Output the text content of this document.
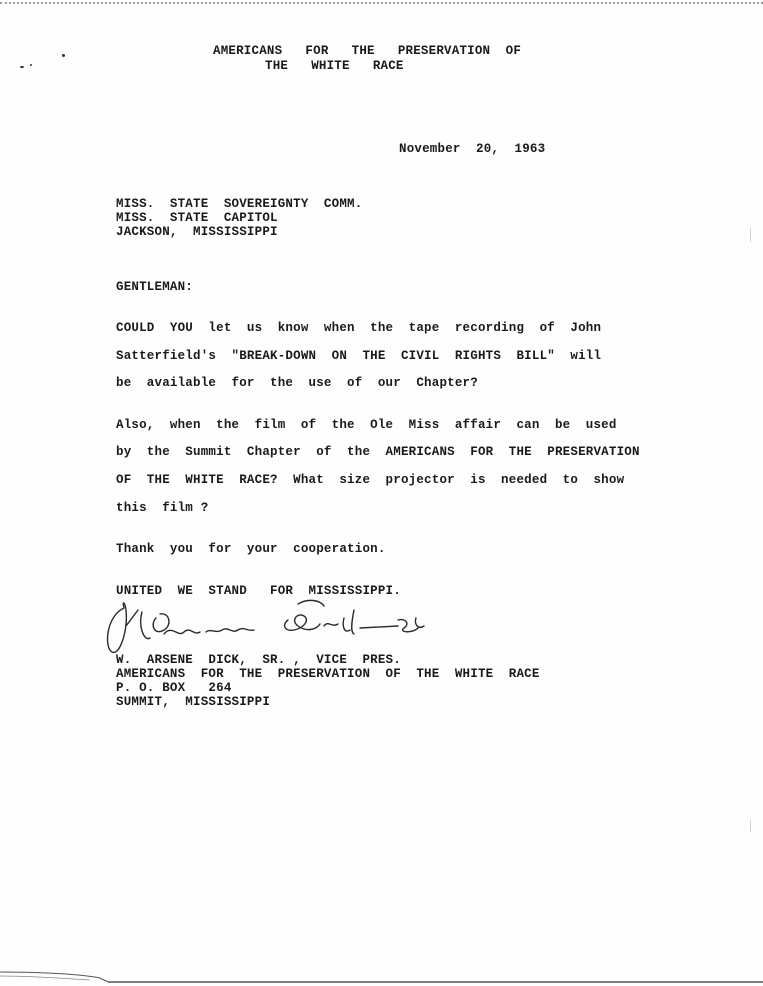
AMERICANS   FOR   THE   PRESERVATION  OF
THE   WHITE   RACE
November  20,  1963
MISS.  STATE  SOVEREIGNTY  COMM.
MISS.  STATE  CAPITOL
JACKSON,  MISSISSIPPI
GENTLEMAN:
COULD  YOU  let  us  know  when  the  tape  recording  of  John
Satterfield's  "BREAK-DOWN  ON  THE  CIVIL  RIGHTS  BILL"  will
be  available  for  the  use  of  our  Chapter?
Also,  when  the  film  of  the  Ole  Miss  affair  can  be  used
by  the  Summit  Chapter  of  the  AMERICANS  FOR  THE  PRESERVATION
OF  THE  WHITE  RACE?  What  size  projector  is  needed  to  show
this  film ?
Thank  you  for  your  cooperation.
UNITED  WE  STAND   FOR  MISSISSIPPI.
W.  ARSENE  DICK,  SR. ,  VICE  PRES.
AMERICANS  FOR  THE  PRESERVATION  OF  THE  WHITE  RACE
P. O. BOX   264
SUMMIT,  MISSISSIPPI
